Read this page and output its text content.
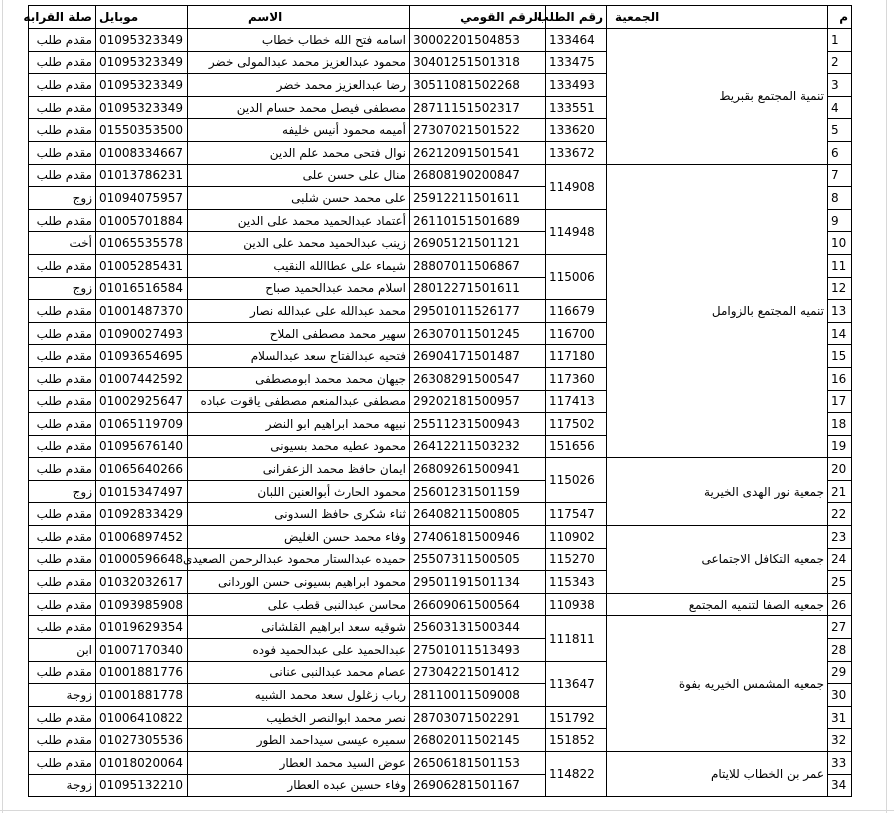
م	الجمعية	رقم الطلب	الرقم القومي	الاسم	موبايل	صلة القرابه
1	تنمية المجتمع بقبريط	133464	30002201504853	اسامه فتح الله خطاب خطاب	01095323349	مقدم طلب
2		133475	30401251501318	محمود عبدالعزيز محمد عبدالمولى خضر	01095323349	مقدم طلب
3		133493	30511081502268	رضا عبدالعزيز محمد خضر	01095323349	مقدم طلب
4		133551	28711151502317	مصطفى فيصل محمد حسام الدين	01095323349	مقدم طلب
5		133620	27307021501522	أميمه محمود أنيس خليفه	01550353500	مقدم طلب
6		133672	26212091501541	نوال فتحى محمد علم الدين	01008334667	مقدم طلب
7	تنميه المجتمع بالزوامل	114908	26808190200847	منال على حسن على	01013786231	مقدم طلب
8			25912211501611	على محمد حسن شلبى	01094075957	زوج
9		114948	26110151501689	أعتماد عبدالحميد محمد على الدين	01005701884	مقدم طلب
10			26905121501121	زينب عبدالحميد محمد على الدين	01065535578	أخت
11		115006	28807011506867	شيماء على عطاالله النقيب	01005285431	مقدم طلب
12			28012271501611	اسلام محمد عبدالحميد صباح	01016516584	زوج
13		116679	29501011526177	محمد عبدالله على عبدالله نصار	01001487370	مقدم طلب
14		116700	26307011501245	سهير محمد مصطفى الملاح	01090027493	مقدم طلب
15		117180	26904171501487	فتحيه عبدالفتاح سعد عبدالسلام	01093654695	مقدم طلب
16		117360	26308291500547	جيهان محمد محمد ابومصطفى	01007442592	مقدم طلب
17		117413	29202181500957	مصطفى عبدالمنعم مصطفى ياقوت عباده	01002925647	مقدم طلب
18		117502	25511231500943	نبيهه محمد ابراهيم ابو النضر	01065119709	مقدم طلب
19		151656	26412211503232	محمود عطيه محمد بسيونى	01095676140	مقدم طلب
20	جمعية نور الهدى الخيرية	115026	26809261500941	ايمان حافظ محمد الزعفرانى	01065640266	مقدم طلب
21			25601231501159	محمود الحارث أبوالعنين اللبان	01015347497	زوج
22		117547	26408211500805	ثناء شكرى حافظ السدونى	01092833429	مقدم طلب
23	جمعيه التكافل الاجتماعى	110902	27406181500946	وفاء محمد حسن الغليض	01006897452	مقدم طلب
24		115270	25507311500505	حميده عبدالستار محمود عبدالرحمن الصعيدى	01000596648	مقدم طلب
25		115343	29501191501134	محمود ابراهيم بسيونى حسن الوردانى	01032032617	مقدم طلب
26	جمعيه الصفا لتنميه المجتمع	110938	26609061500564	محاسن عبدالنبى قطب على	01093985908	مقدم طلب
27	جمعيه المشمس الخيريه بفوة	111811	25603131500344	شوقيه سعد ابراهيم القلشانى	01019629354	مقدم طلب
28			27501011513493	عبدالحميد على عبدالحميد فوده	01007170340	ابن
29		113647	27304221501412	عصام محمد عبدالنبى عنانى	01001881776	مقدم طلب
30			28110011509008	رباب زغلول سعد محمد الشبيه	01001881778	زوجة
31		151792	28703071502291	نصر محمد ابوالنصر الخطيب	01006410822	مقدم طلب
32		151852	26802011502145	سميره عيسى سيداحمد الطور	01027305536	مقدم طلب
33	عمر بن الخطاب للايتام	114822	26506181501153	عوض السيد محمد العطار	01018020064	مقدم طلب
34			26906281501167	وفاء حسين عبده العطار	01095132210	زوجة
